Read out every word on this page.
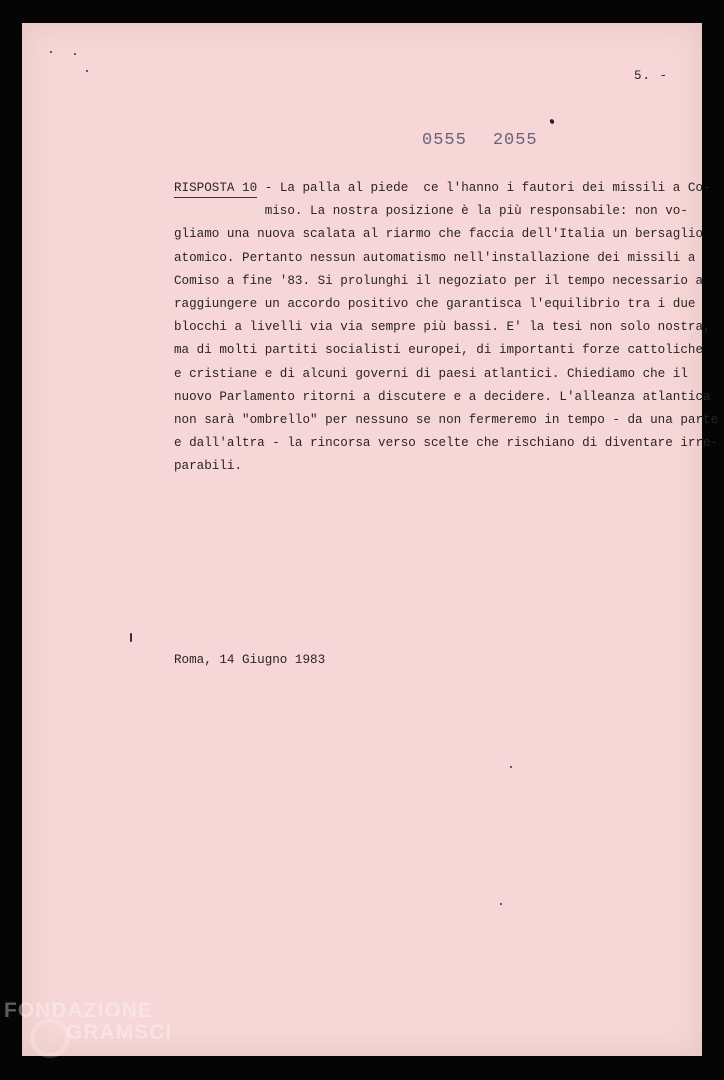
5. -
0555 2055
RISPOSTA 10 - La palla al piede  ce l'hanno i fautori dei missili a Co-
miso. La nostra posizione è la più responsabile: non vo-
gliamo una nuova scalata al riarmo che faccia dell'Italia un bersaglio
atomico. Pertanto nessun automatismo nell'installazione dei missili a
Comiso a fine '83. Si prolunghi il negoziato per il tempo necessario a
raggiungere un accordo positivo che garantisca l'equilibrio tra i due
blocchi a livelli via via sempre più bassi. E' la tesi non solo nostra,
ma di molti partiti socialisti europei, di importanti forze cattoliche
e cristiane e di alcuni governi di paesi atlantici. Chiediamo che il
nuovo Parlamento ritorni a discutere e a decidere. L'alleanza atlantica
non sarà "ombrello" per nessuno se non fermeremo in tempo - da una parte
e dall'altra - la rincorsa verso scelte che rischiano di diventare irre-
parabili.
Roma, 14 Giugno 1983
FONDAZIONE
GRAMSCI
